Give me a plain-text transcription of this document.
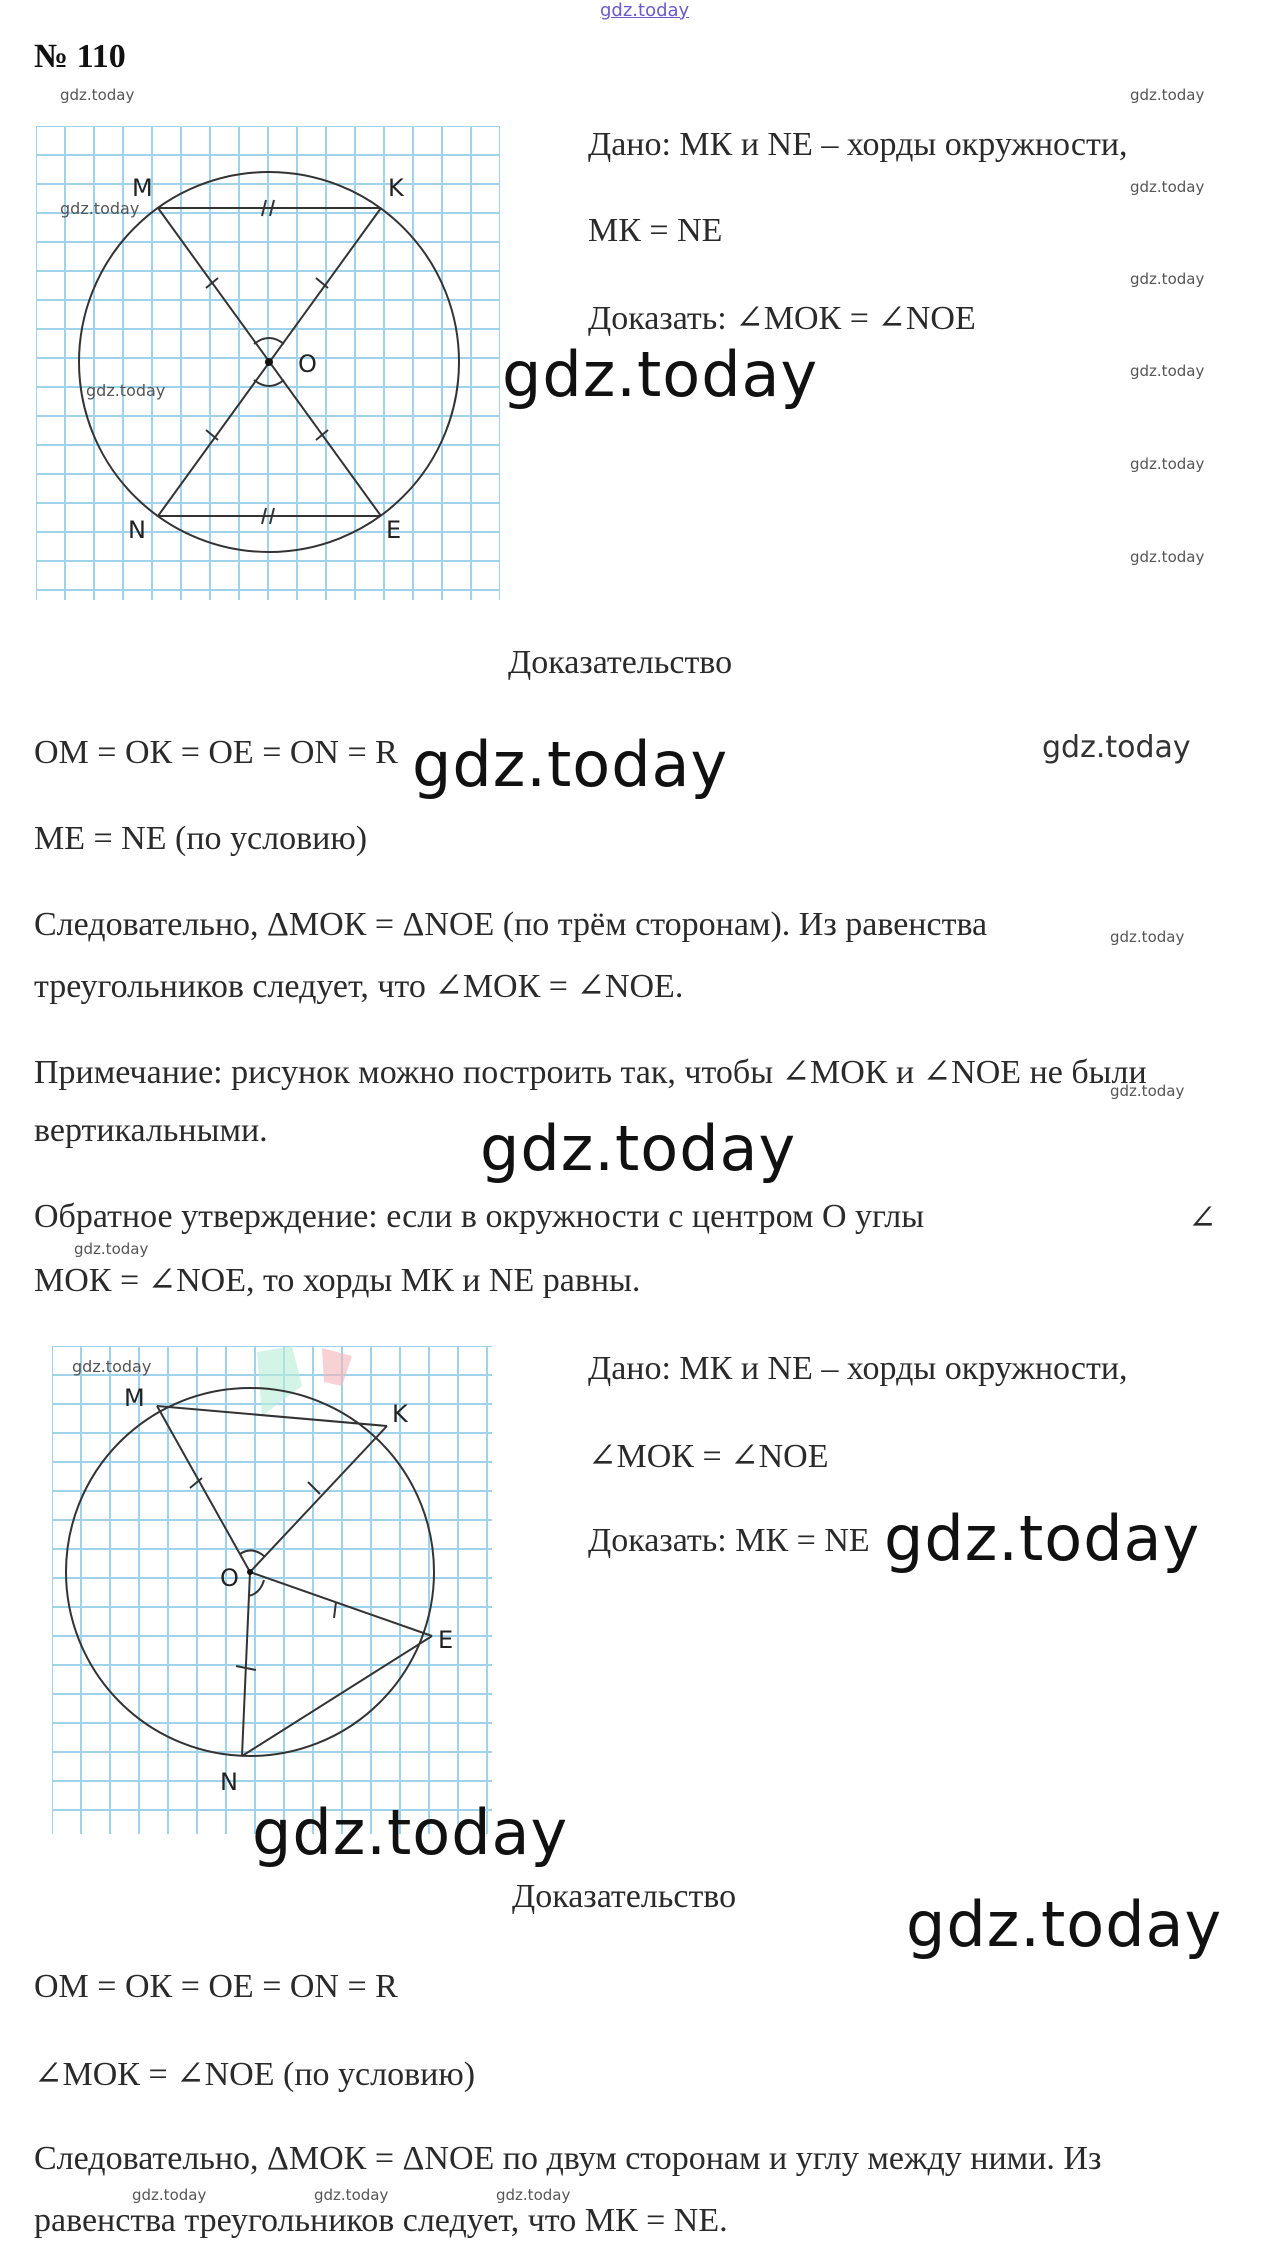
gdz.today
№ 110
gdz.today	gdz.today
gdz.today
gdz.today
gdz.today
gdz.today
gdz.today
M	K
N	E
O
gdz.today
gdz.today
Дано: МК и NE – хорды окружности,
МК = NE
Доказать: ∠МОК = ∠NOE
gdz.today
Доказательство
ОМ = ОК = ОЕ = ОN = R gdz.today	gdz.today
МЕ = NE (по условию)
Следовательно, ΔМОК = ΔNOE (по трём сторонам). Из равенства	gdz.today
треугольников следует, что ∠МОК = ∠NOE.
Примечание: рисунок можно построить так, чтобы ∠МОК и ∠NOE не были
gdz.today
вертикальными.	gdz.today
Обратное утверждение: если в окружности с центром О углы	∠
gdz.today
МОК = ∠NOE, то хорды МК и NE равны.
M
K
N
E
O
gdz.today	Дано: МК и NE – хорды окружности,
∠МОК = ∠NOE
Доказать: МК = NE gdz.today
gdz.today
Доказательство	gdz.today
ОМ = ОК = ОЕ = ОN = R
∠МОК = ∠NOE (по условию)
Следовательно, ΔМОК = ΔNOE по двум сторонам и углу между ними. Из
gdz.today	gdz.today	gdz.today
равенства треугольников следует, что МК = NE.
